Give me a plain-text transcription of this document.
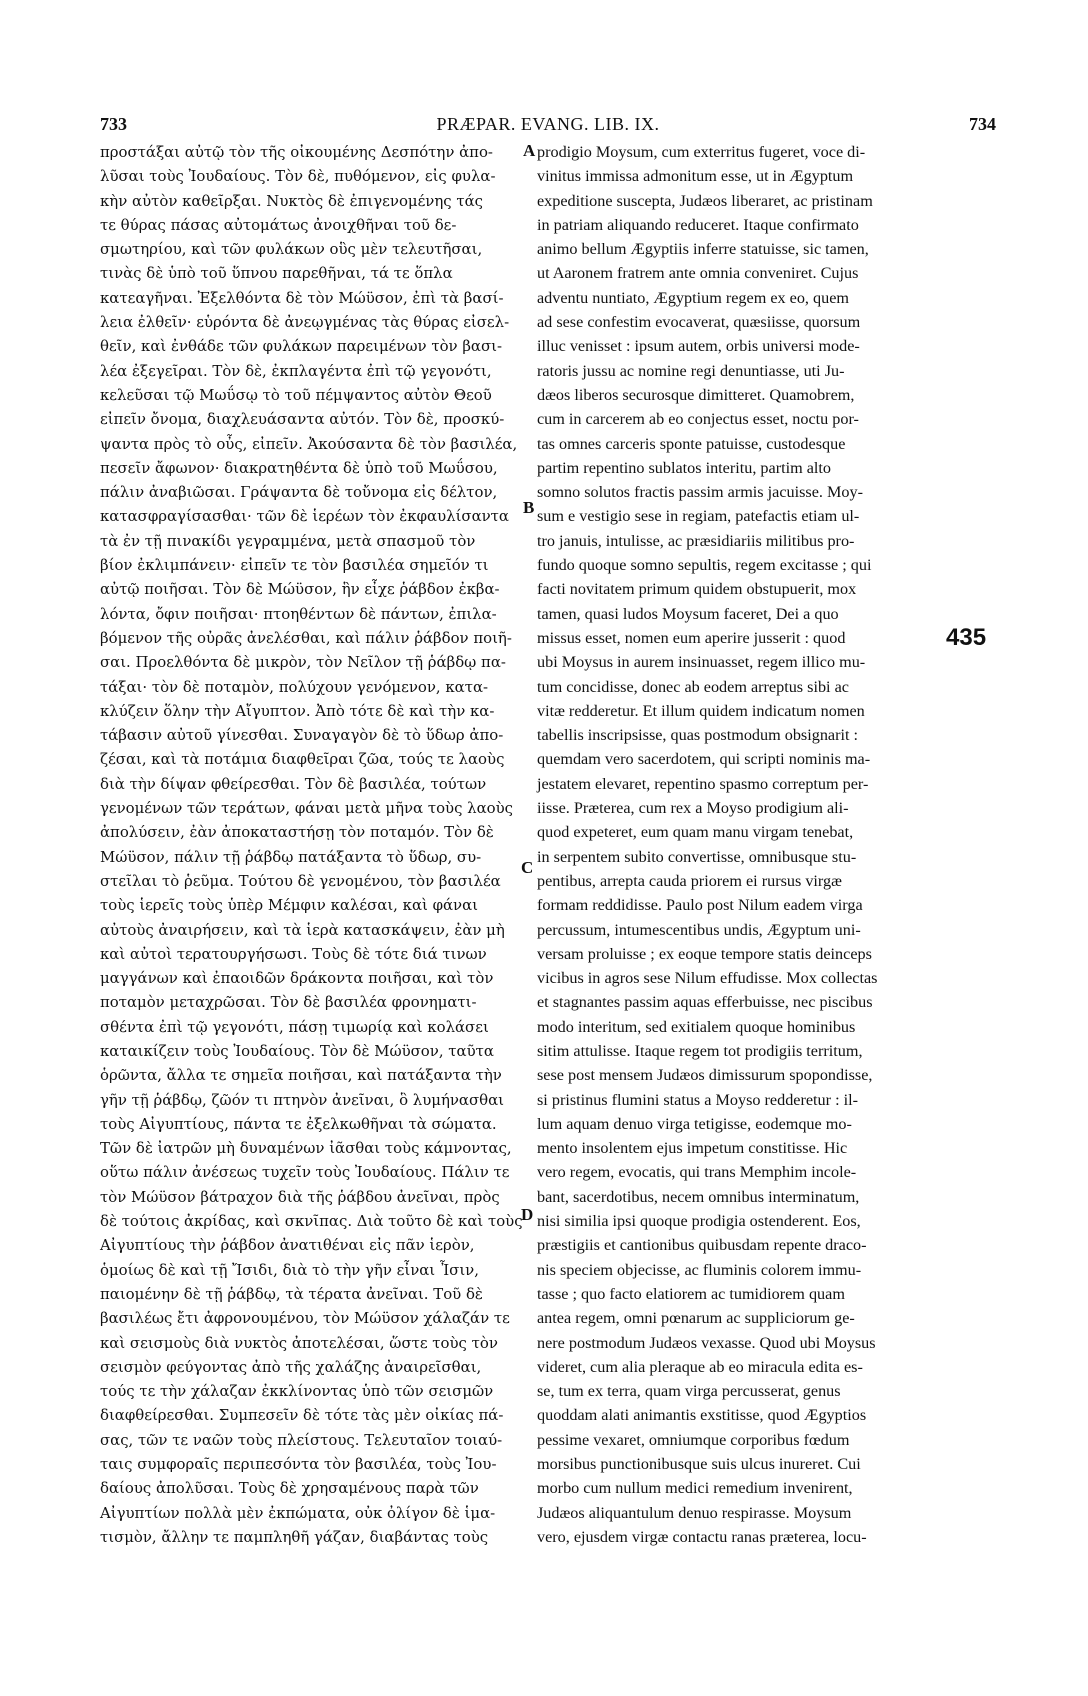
733	PRÆPAR. EVANG. LIB. IX.	734
προστάξαι αὐτῷ τὸν τῆς οἰκουμένης Δεσπότην ἀπο-
λῦσαι τοὺς Ἰουδαίους. Τὸν δὲ, πυθόμενον, εἰς φυλα-
κὴν αὐτὸν καθεῖρξαι. Νυκτὸς δὲ ἐπιγενομένης τάς
τε θύρας πάσας αὐτομάτως ἀνοιχθῆναι τοῦ δε-
σμωτηρίου, καὶ τῶν φυλάκων οὓς μὲν τελευτῆσαι,
τινὰς δὲ ὑπὸ τοῦ ὕπνου παρεθῆναι, τά τε ὅπλα
κατεαγῆναι. Ἐξελθόντα δὲ τὸν Μώϋσον, ἐπὶ τὰ βασί-
λεια ἐλθεῖν· εὑρόντα δὲ ἀνεῳγμένας τὰς θύρας εἰσελ-
θεῖν, καὶ ἐνθάδε τῶν φυλάκων παρειμένων τὸν βασι-
λέα ἐξεγεῖραι. Τὸν δὲ, ἐκπλαγέντα ἐπὶ τῷ γεγονότι,
κελεῦσαι τῷ Μωΰσῳ τὸ τοῦ πέμψαντος αὐτὸν Θεοῦ
εἰπεῖν ὄνομα, διαχλευάσαντα αὐτόν. Τὸν δὲ, προσκύ-
ψαντα πρὸς τὸ οὖς, εἰπεῖν. Ἀκούσαντα δὲ τὸν βασιλέα,
πεσεῖν ἄφωνον· διακρατηθέντα δὲ ὑπὸ τοῦ Μωΰσου,
πάλιν ἀναβιῶσαι. Γράψαντα δὲ τοὔνομα εἰς δέλτον,
κατασφραγίσασθαι· τῶν δὲ ἱερέων τὸν ἐκφαυλίσαντα
τὰ ἐν τῇ πινακίδι γεγραμμένα, μετὰ σπασμοῦ τὸν
βίον ἐκλιμπάνειν· εἰπεῖν τε τὸν βασιλέα σημεῖόν τι
αὐτῷ ποιῆσαι. Τὸν δὲ Μώϋσον, ἣν εἶχε ῥάβδον ἐκβα-
λόντα, ὄφιν ποιῆσαι· πτοηθέντων δὲ πάντων, ἐπιλα-
βόμενον τῆς οὐρᾶς ἀνελέσθαι, καὶ πάλιν ῥάβδον ποιῆ-
σαι. Προελθόντα δὲ μικρὸν, τὸν Νεῖλον τῇ ῥάβδῳ πα-
τάξαι· τὸν δὲ ποταμὸν, πολύχουν γενόμενον, κατα-
κλύζειν ὅλην τὴν Αἴγυπτον. Ἀπὸ τότε δὲ καὶ τὴν κα-
τάβασιν αὐτοῦ γίνεσθαι. Συναγαγὸν δὲ τὸ ὕδωρ ἀπο-
ζέσαι, καὶ τὰ ποτάμια διαφθεῖραι ζῶα, τούς τε λαοὺς
διὰ τὴν δίψαν φθείρεσθαι. Τὸν δὲ βασιλέα, τούτων
γενομένων τῶν τεράτων, φάναι μετὰ μῆνα τοὺς λαοὺς
ἀπολύσειν, ἐὰν ἀποκαταστήσῃ τὸν ποταμόν. Τὸν δὲ
Μώϋσον, πάλιν τῇ ῥάβδῳ πατάξαντα τὸ ὕδωρ, συ-
στεῖλαι τὸ ῥεῦμα. Τούτου δὲ γενομένου, τὸν βασιλέα
τοὺς ἱερεῖς τοὺς ὑπὲρ Μέμφιν καλέσαι, καὶ φάναι
αὐτοὺς ἀναιρήσειν, καὶ τὰ ἱερὰ κατασκάψειν, ἐὰν μὴ
καὶ αὐτοὶ τερατουργήσωσι. Τοὺς δὲ τότε διά τινων
μαγγάνων καὶ ἐπαοιδῶν δράκοντα ποιῆσαι, καὶ τὸν
ποταμὸν μεταχρῶσαι. Τὸν δὲ βασιλέα φρονηματι-
σθέντα ἐπὶ τῷ γεγονότι, πάσῃ τιμωρίᾳ καὶ κολάσει
καταικίζειν τοὺς Ἰουδαίους. Τὸν δὲ Μώϋσον, ταῦτα
ὁρῶντα, ἄλλα τε σημεῖα ποιῆσαι, καὶ πατάξαντα τὴν
γῆν τῇ ῥάβδῳ, ζῶόν τι πτηνὸν ἀνεῖναι, ὃ λυμήνασθαι
τοὺς Αἰγυπτίους, πάντα τε ἐξελκωθῆναι τὰ σώματα.
Τῶν δὲ ἰατρῶν μὴ δυναμένων ἰᾶσθαι τοὺς κάμνοντας,
οὕτω πάλιν ἀνέσεως τυχεῖν τοὺς Ἰουδαίους. Πάλιν τε
τὸν Μώϋσον βάτραχον διὰ τῆς ῥάβδου ἀνεῖναι, πρὸς
δὲ τούτοις ἀκρίδας, καὶ σκνῖπας. Διὰ τοῦτο δὲ καὶ τοὺς
Αἰγυπτίους τὴν ῥάβδον ἀνατιθέναι εἰς πᾶν ἱερὸν,
ὁμοίως δὲ καὶ τῇ Ἴσιδι, διὰ τὸ τὴν γῆν εἶναι Ἶσιν,
παιομένην δὲ τῇ ῥάβδῳ, τὰ τέρατα ἀνεῖναι. Τοῦ δὲ
βασιλέως ἔτι ἀφρονουμένου, τὸν Μώϋσον χάλαζάν τε
καὶ σεισμοὺς διὰ νυκτὸς ἀποτελέσαι, ὥστε τοὺς τὸν
σεισμὸν φεύγοντας ἀπὸ τῆς χαλάζης ἀναιρεῖσθαι,
τούς τε τὴν χάλαζαν ἐκκλίνοντας ὑπὸ τῶν σεισμῶν
διαφθείρεσθαι. Συμπεσεῖν δὲ τότε τὰς μὲν οἰκίας πά-
σας, τῶν τε ναῶν τοὺς πλείστους. Τελευταῖον τοιαύ-
ταις συμφοραῖς περιπεσόντα τὸν βασιλέα, τοὺς Ἰου-
δαίους ἀπολῦσαι. Τοὺς δὲ χρησαμένους παρὰ τῶν
Αἰγυπτίων πολλὰ μὲν ἐκπώματα, οὐκ ὀλίγον δὲ ἱμα-
τισμὸν, ἄλλην τε παμπληθῆ γάζαν, διαβάντας τοὺς
prodigio Moysum, cum exterritus fugeret, voce di-
vinitus immissa admonitum esse, ut in Ægyptum
expeditione suscepta, Judæos liberaret, ac pristinam
in patriam aliquando reduceret. Itaque confirmato
animo bellum Ægyptiis inferre statuisse, sic tamen,
ut Aaronem fratrem ante omnia conveniret. Cujus
adventu nuntiato, Ægyptium regem ex eo, quem
ad sese confestim evocaverat, quæsiisse, quorsum
illuc venisset : ipsum autem, orbis universi mode-
ratoris jussu ac nomine regi denuntiasse, uti Ju-
dæos liberos securosque dimitteret. Quamobrem,
cum in carcerem ab eo conjectus esset, noctu por-
tas omnes carceris sponte patuisse, custodesque
partim repentino sublatos interitu, partim alto
somno solutos fractis passim armis jacuisse. Moy-
sum e vestigio sese in regiam, patefactis etiam ul-
tro januis, intulisse, ac præsidiariis militibus pro-
fundo quoque somno sepultis, regem excitasse ; qui
facti novitatem primum quidem obstupuerit, mox
tamen, quasi ludos Moysum faceret, Dei a quo
missus esset, nomen eum aperire jusserit : quod
ubi Moysus in aurem insinuasset, regem illico mu-
tum concidisse, donec ab eodem arreptus sibi ac
vitæ redderetur. Et illum quidem indicatum nomen
tabellis inscripsisse, quas postmodum obsignarit :
quemdam vero sacerdotem, qui scripti nominis ma-
jestatem elevaret, repentino spasmo correptum per-
iisse. Præterea, cum rex a Moyso prodigium ali-
quod expeteret, eum quam manu virgam tenebat,
in serpentem subito convertisse, omnibusque stu-
pentibus, arrepta cauda priorem ei rursus virgæ
formam reddidisse. Paulo post Nilum eadem virga
percussum, intumescentibus undis, Ægyptum uni-
versam proluisse ; ex eoque tempore statis deinceps
vicibus in agros sese Nilum effudisse. Mox collectas
et stagnantes passim aquas efferbuisse, nec piscibus
modo interitum, sed exitialem quoque hominibus
sitim attulisse. Itaque regem tot prodigiis territum,
sese post mensem Judæos dimissurum spopondisse,
si pristinus flumini status a Moyso redderetur : il-
lum aquam denuo virga tetigisse, eodemque mo-
mento insolentem ejus impetum constitisse. Hic
vero regem, evocatis, qui trans Memphim incole-
bant, sacerdotibus, necem omnibus interminatum,
nisi similia ipsi quoque prodigia ostenderent. Eos,
præstigiis et cantionibus quibusdam repente draco-
nis speciem objecisse, ac fluminis colorem immu-
tasse ; quo facto elatiorem ac tumidiorem quam
antea regem, omni pœnarum ac suppliciorum ge-
nere postmodum Judæos vexasse. Quod ubi Moysus
videret, cum alia pleraque ab eo miracula edita es-
se, tum ex terra, quam virga percusserat, genus
quoddam alati animantis exstitisse, quod Ægyptios
pessime vexaret, omniumque corporibus fœdum
morsibus punctionibusque suis ulcus inureret. Cui
morbo cum nullum medici remedium invenirent,
Judæos aliquantulum denuo respirasse. Moysum
vero, ejusdem virgæ contactu ranas præterea, locu-
A
B
C
D
435
